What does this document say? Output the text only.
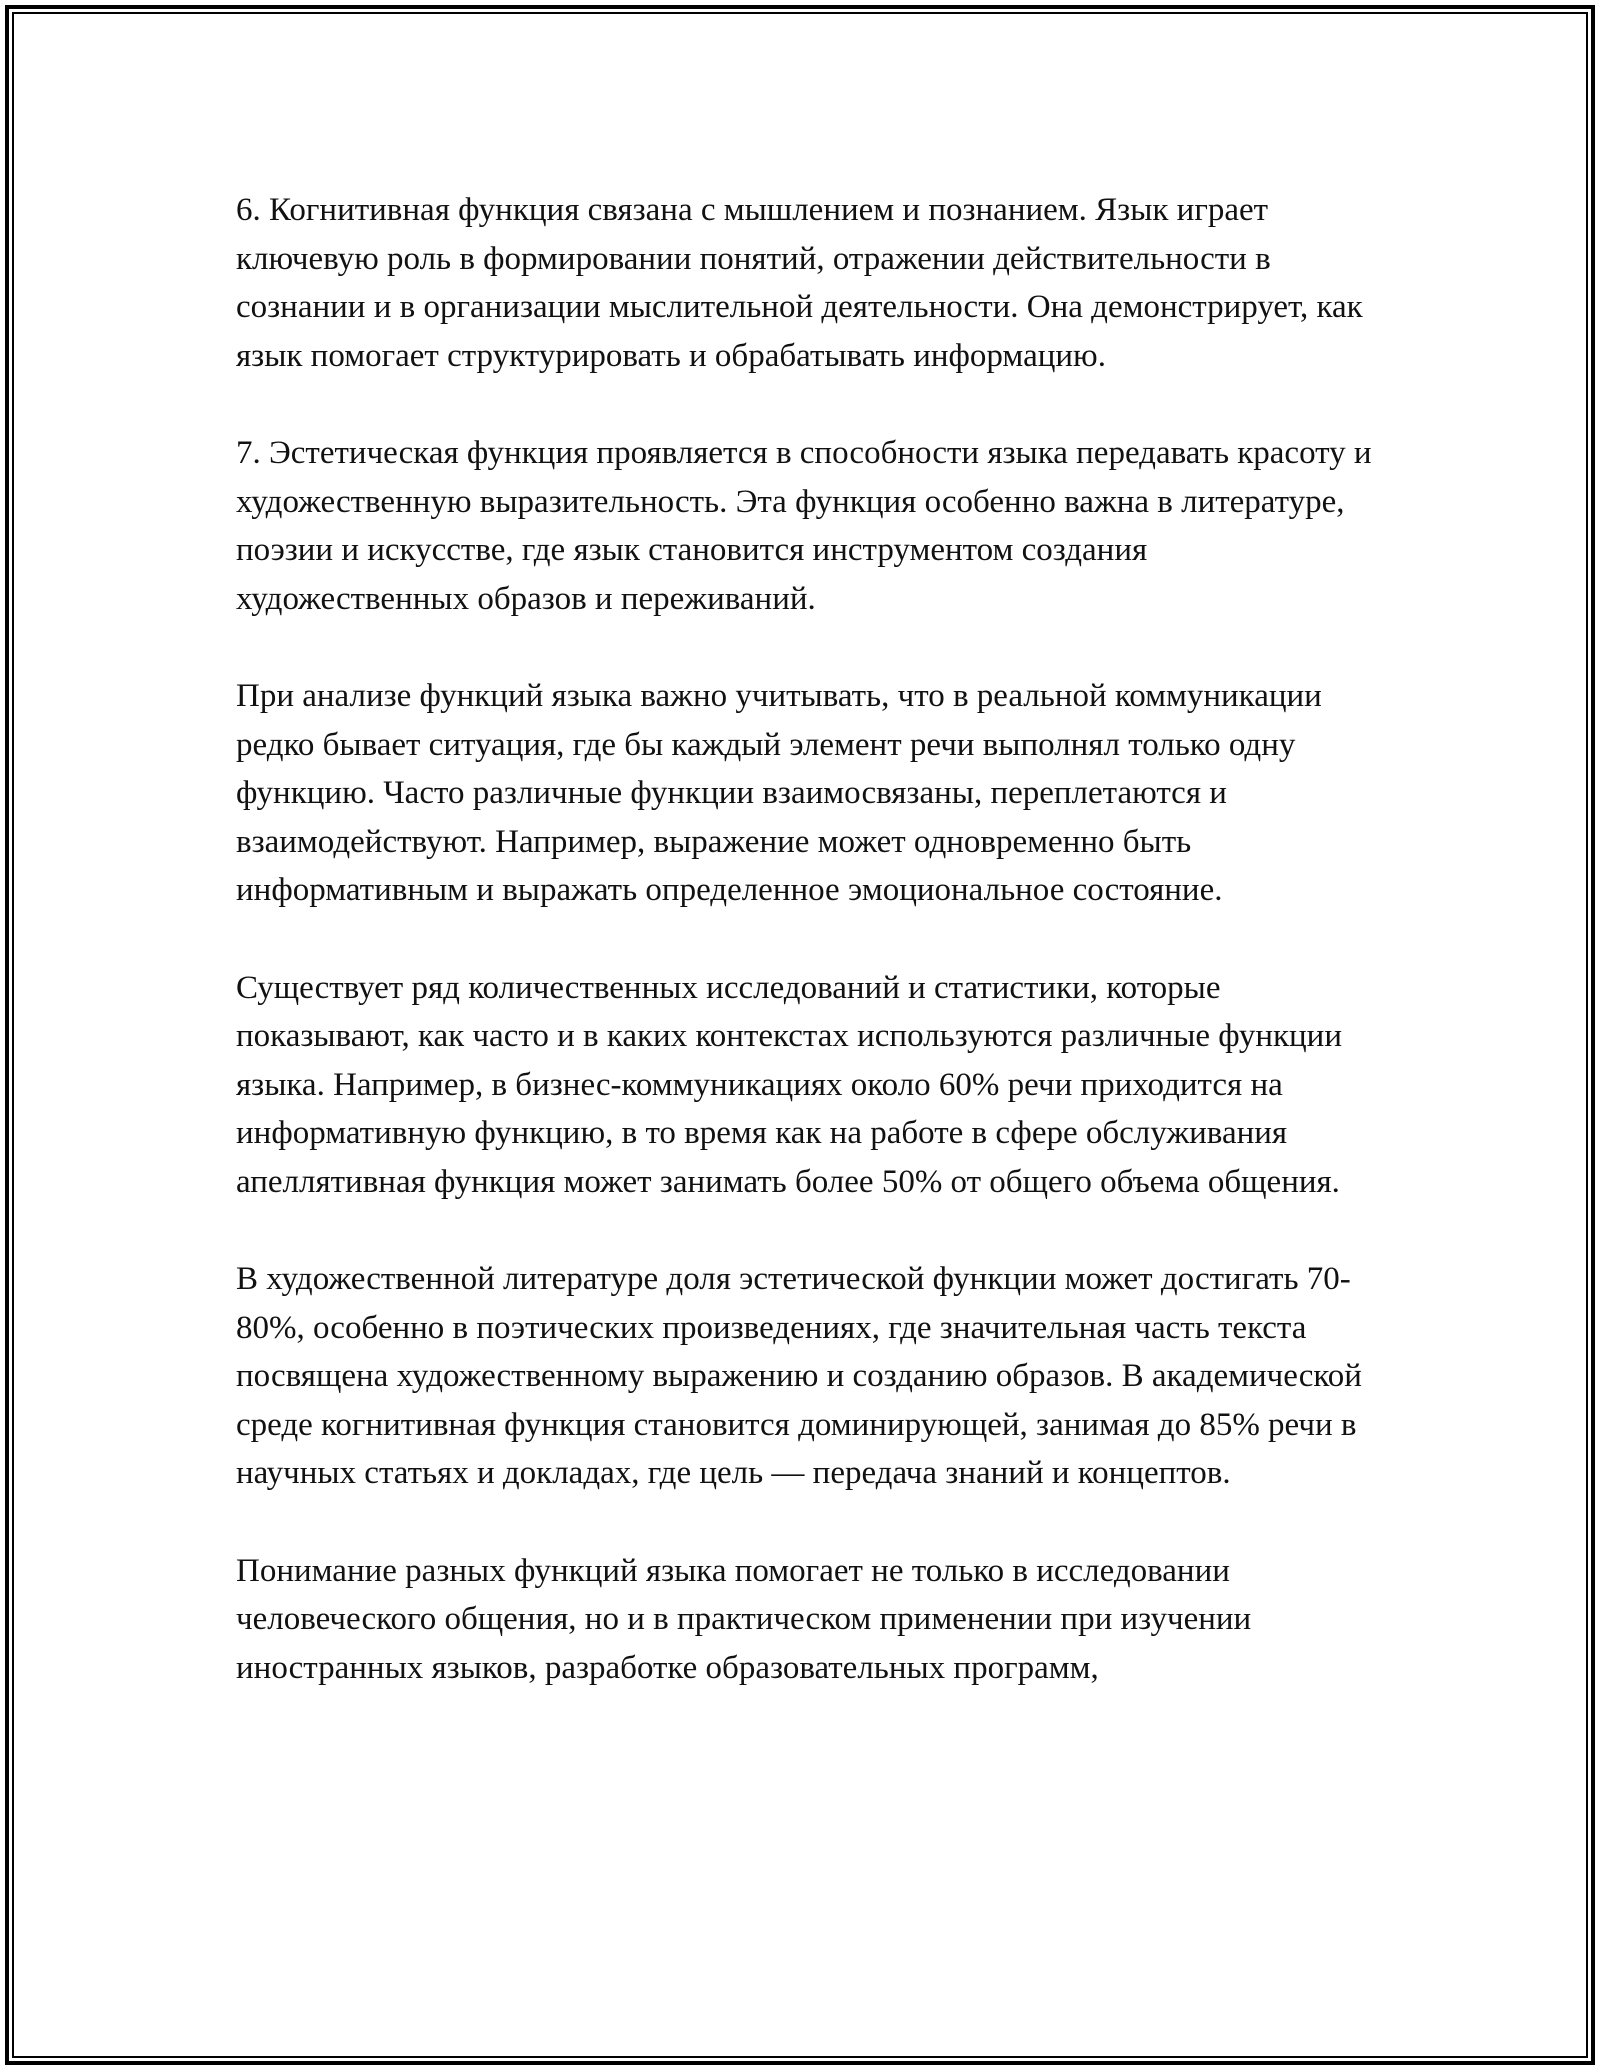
6. Когнитивная функция связана с мышлением и познанием. Язык играет ключевую роль в формировании понятий, отражении действительности в сознании и в организации мыслительной деятельности. Она демонстрирует, как язык помогает структурировать и обрабатывать информацию.

7. Эстетическая функция проявляется в способности языка передавать красоту и художественную выразительность. Эта функция особенно важна в литературе, поэзии и искусстве, где язык становится инструментом создания художественных образов и переживаний.

При анализе функций языка важно учитывать, что в реальной коммуникации редко бывает ситуация, где бы каждый элемент речи выполнял только одну функцию. Часто различные функции взаимосвязаны, переплетаются и взаимодействуют. Например, выражение может одновременно быть информативным и выражать определенное эмоциональное состояние.

Существует ряд количественных исследований и статистики, которые показывают, как часто и в каких контекстах используются различные функции языка. Например, в бизнес-коммуникациях около 60% речи приходится на информативную функцию, в то время как на работе в сфере обслуживания апеллятивная функция может занимать более 50% от общего объема общения.

В художественной литературе доля эстетической функции может достигать 70-80%, особенно в поэтических произведениях, где значительная часть текста посвящена художественному выражению и созданию образов. В академической среде когнитивная функция становится доминирующей, занимая до 85% речи в научных статьях и докладах, где цель — передача знаний и концептов.

Понимание разных функций языка помогает не только в исследовании человеческого общения, но и в практическом применении при изучении иностранных языков, разработке образовательных программ,
